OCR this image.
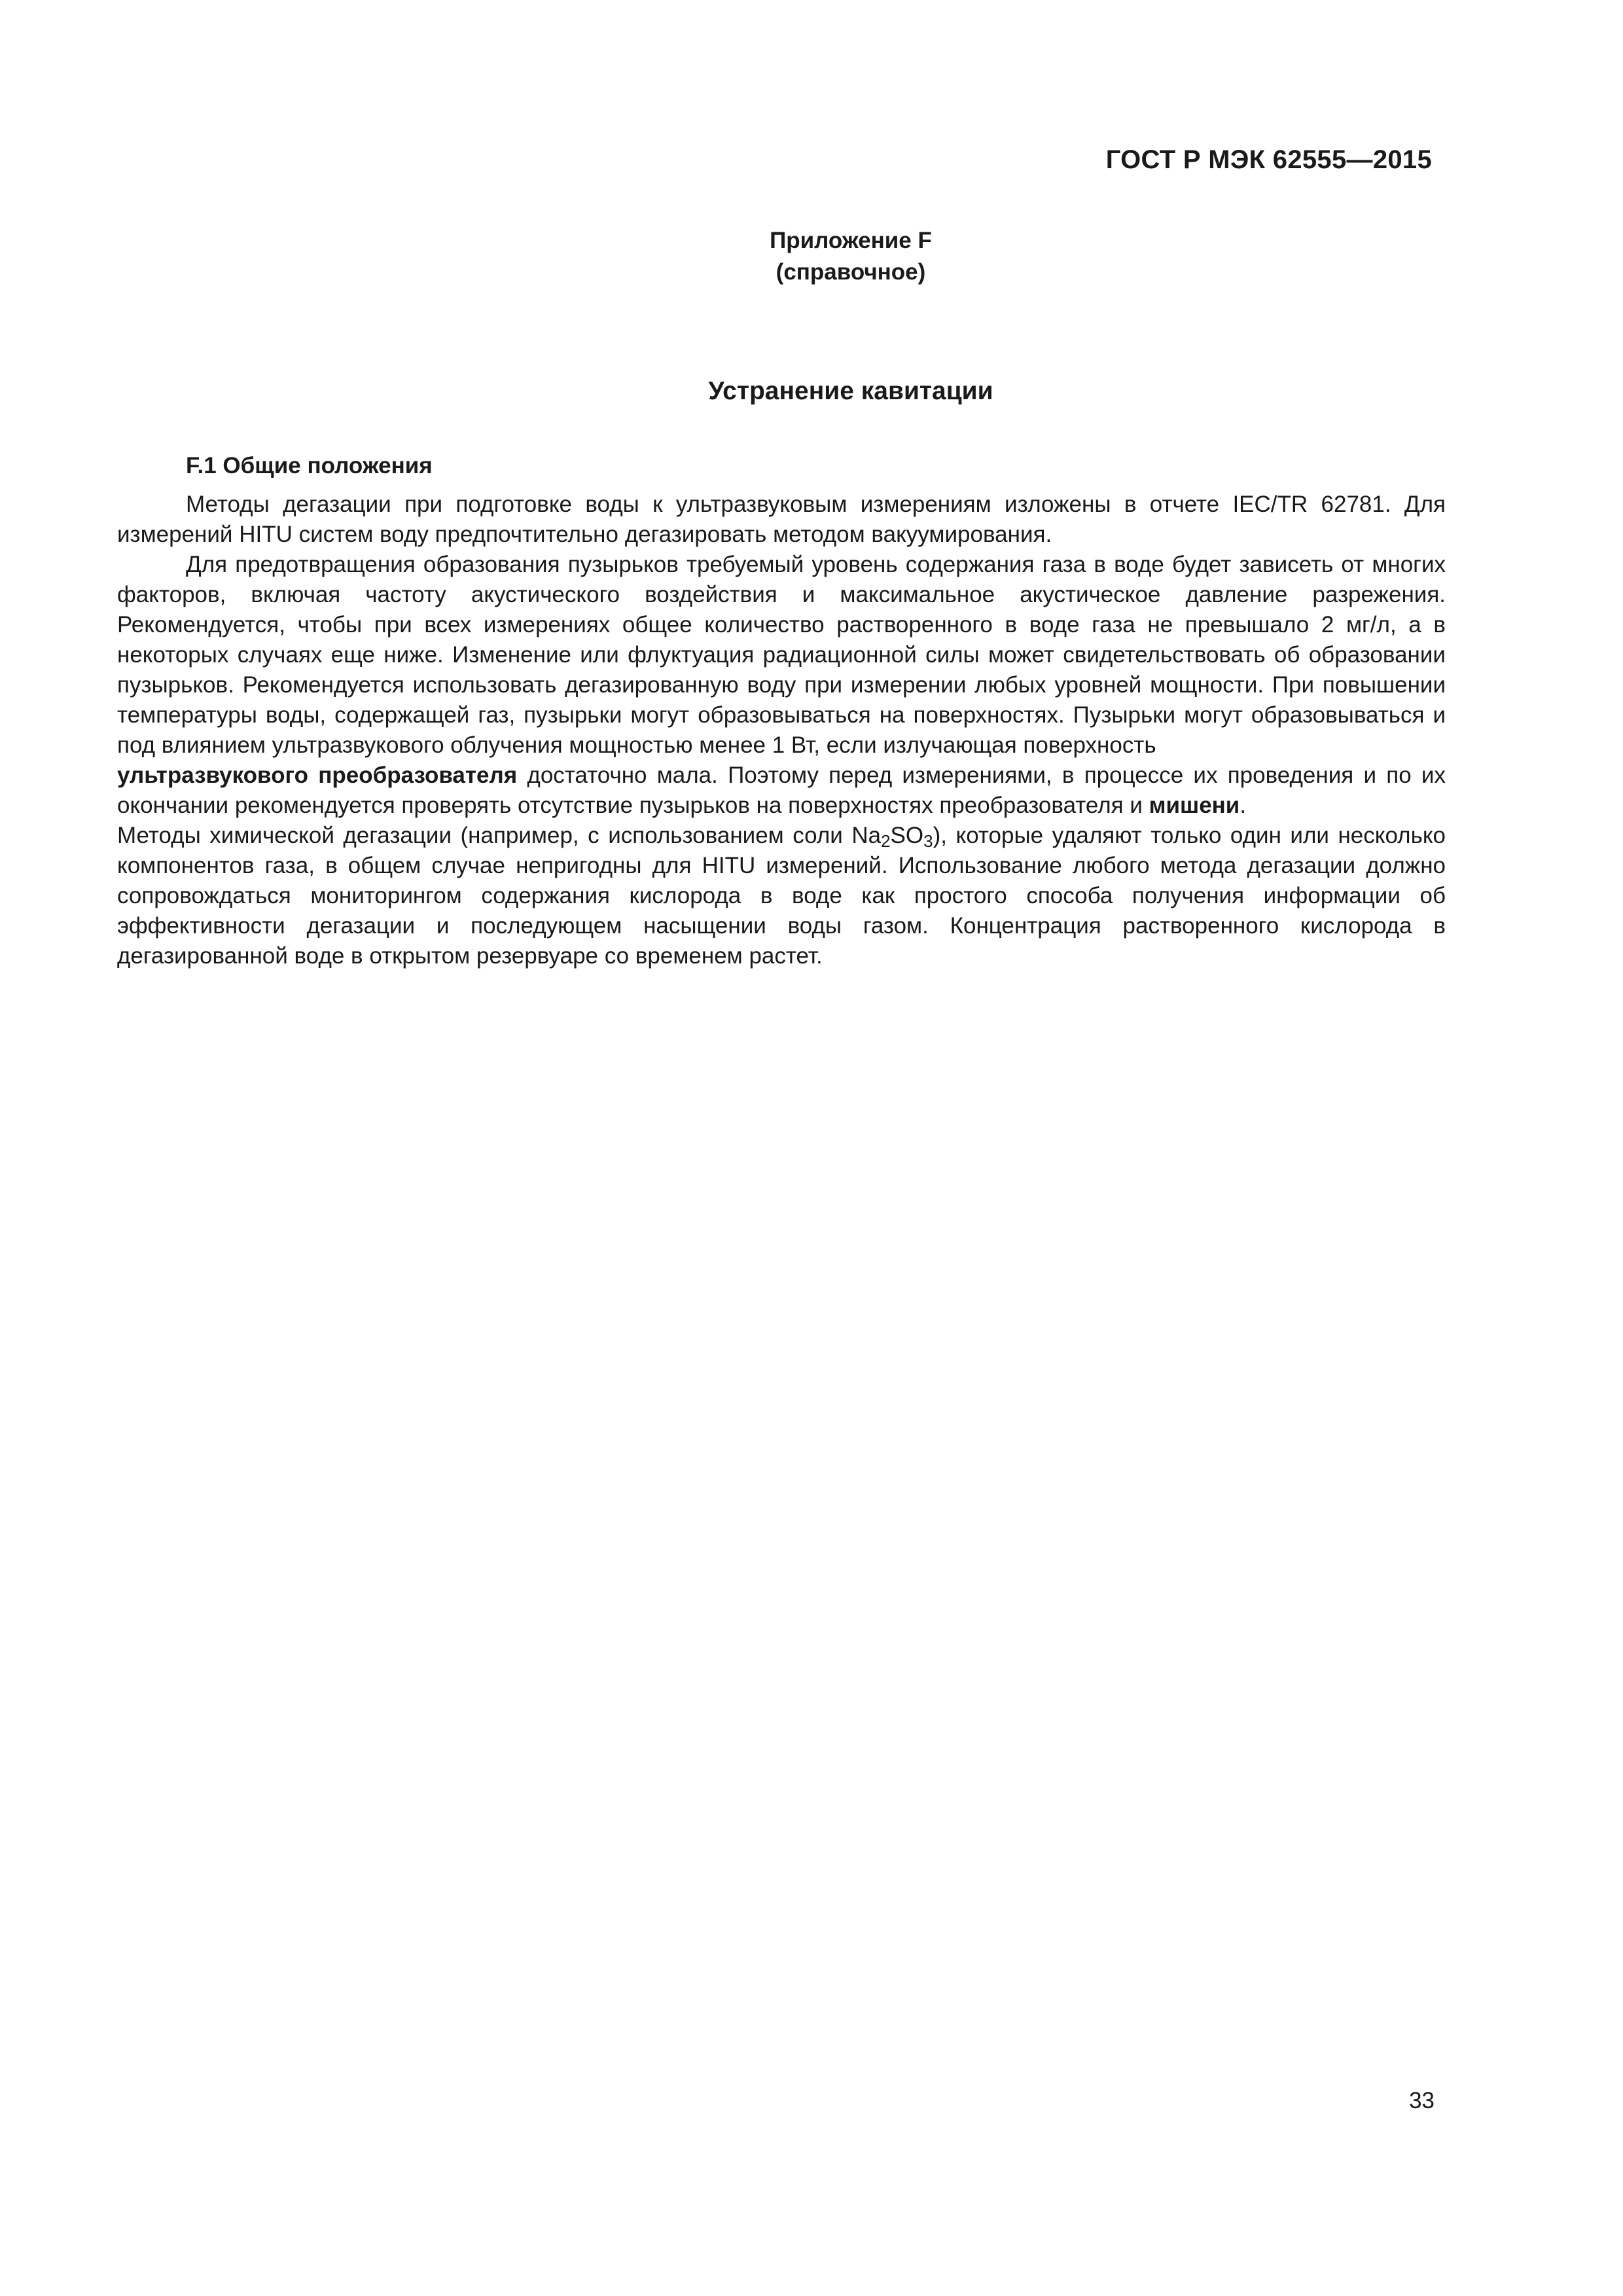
ГОСТ Р МЭК 62555—2015
Приложение F
(справочное)
Устранение кавитации
F.1 Общие положения

Методы дегазации при подготовке воды к ультразвуковым измерениям изложены в отчете IEC/TR 62781. Для измерений HITU систем воду предпочтительно дегазировать методом вакуумирования.

Для предотвращения образования пузырьков требуемый уровень содержания газа в воде будет зависеть от многих факторов, включая частоту акустического воздействия и максимальное акустическое давление разрежения. Рекомендуется, чтобы при всех измерениях общее количество растворенного в воде газа не превышало 2 мг/л, а в некоторых случаях еще ниже. Изменение или флуктуация радиационной силы может свидетельствовать об образовании пузырьков. Рекомендуется использовать дегазированную воду при измерении любых уровней мощности. При повышении температуры воды, содержащей газ, пузырьки могут образовываться на поверхностях. Пузырьки могут образовываться и под влиянием ультразвукового облучения мощностью менее 1 Вт, если излучающая поверхность
ультразвукового преобразователя достаточно мала. Поэтому перед измерениями, в процессе их проведения и по их окончании рекомендуется проверять отсутствие пузырьков на поверхностях преобразователя и мишени.

Методы химической дегазации (например, с использованием соли $Na_2SO_3$), которые удаляют только один или несколько компонентов газа, в общем случае непригодны для HITU измерений. Использование любого метода дегазации должно сопровождаться мониторингом содержания кислорода в воде как простого способа получения информации об эффективности дегазации и последующем насыщении воды газом. Концентрация растворенного кислорода в дегазированной воде в открытом резервуаре со временем растет.

33
